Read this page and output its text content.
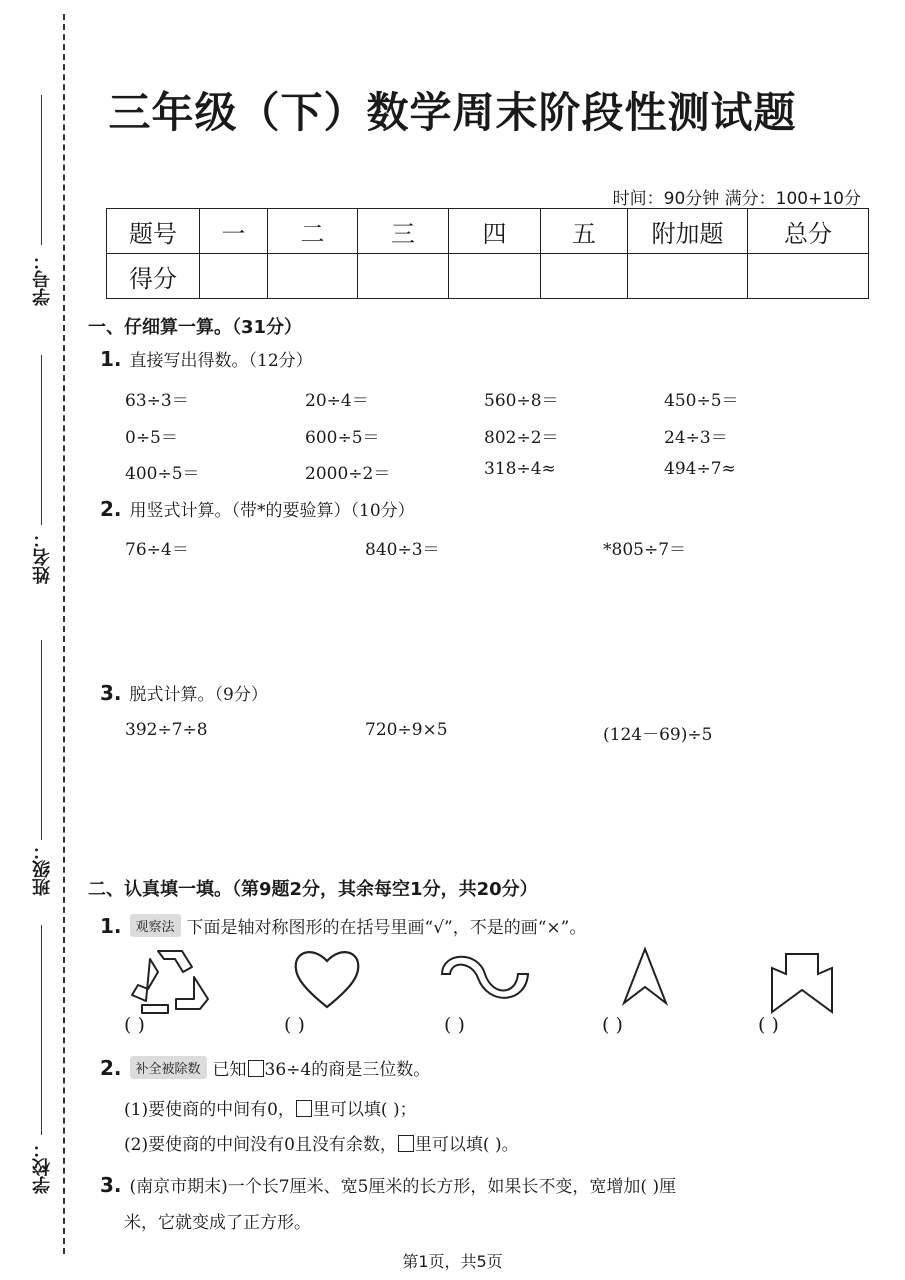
学号：
姓名：
班级：
学校：
三年级（下）数学周末阶段性测试题
时间：90分钟 满分：100+10分
题号	一	二	三	四	五	附加题	总分
得分							
一、仔细算一算。（31分）
1. 直接写出得数。（12分）
63÷3＝	20÷4＝	560÷8＝	450÷5＝
0÷5＝	600÷5＝	802÷2＝	24÷3＝
400÷5＝	2000÷2＝	318÷4≈	494÷7≈
2. 用竖式计算。（带*的要验算）（10分）
76÷4＝	840÷3＝	*805÷7＝
3. 脱式计算。（9分）
392÷7÷8	720÷9×5	(124－69)÷5
二、认真填一填。（第9题2分，其余每空1分，共20分）
1. 观察法 下面是轴对称图形的在括号里画“√”，不是的画“×”。
( )	( )	( )	( )	( )
2. 补全被除数 已知 36÷4的商是三位数。
(1)要使商的中间有0， 里可以填( )；
(2)要使商的中间没有0且没有余数， 里可以填( )。
3. (南京市期末)一个长7厘米、宽5厘米的长方形，如果长不变，宽增加( )厘
米，它就变成了正方形。
第1页，共5页
